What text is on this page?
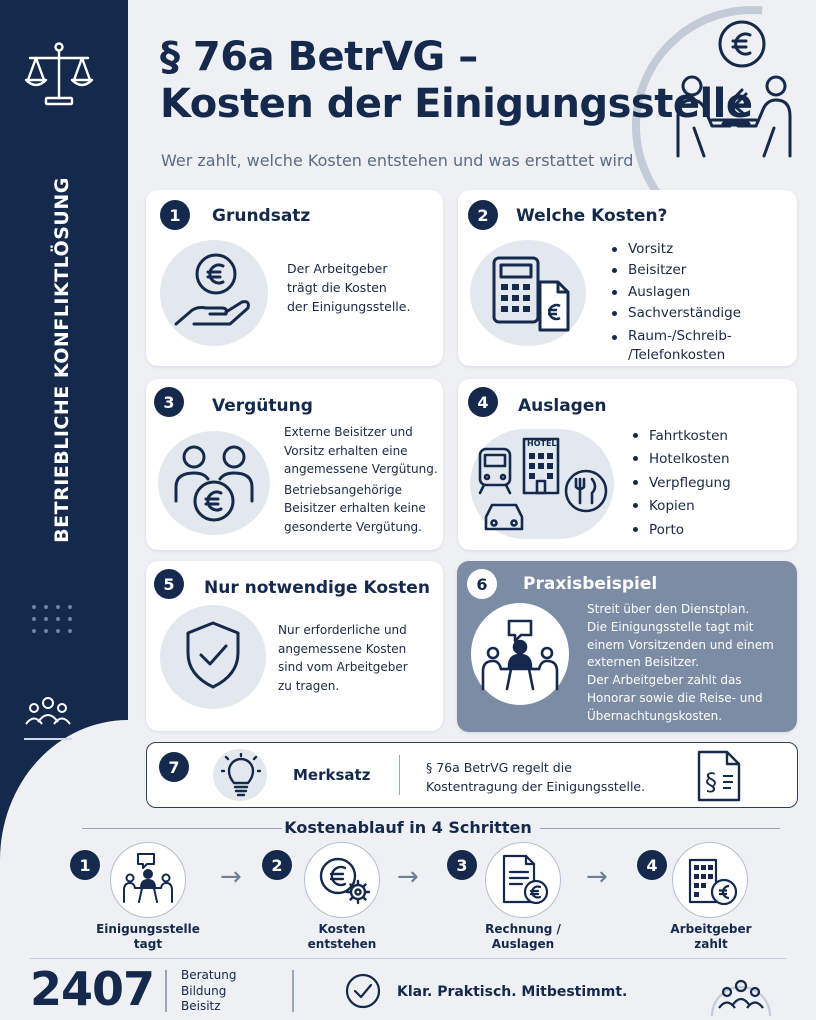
BETRIEBLICHE KONFLIKTLÖSUNG
§ 76a BetrVG –
Kosten der Einigungsstelle
Wer zahlt, welche Kosten entstehen und was erstattet wird
1	Grundsatz
Der Arbeitgeber
trägt die Kosten
der Einigungsstelle.
2	Welche Kosten?
Vorsitz
Beisitzer
Auslagen
Sachverständige
Raum-/Schreib-
/Telefonkosten
3	Vergütung
Externe Beisitzer und
Vorsitz erhalten eine
angemessene Vergütung.
Betriebsangehörige
Beisitzer erhalten keine
gesonderte Vergütung.
4	Auslagen
HOTEL	Fahrtkosten
Hotelkosten
Verpflegung
Kopien
Porto
5	Nur notwendige Kosten
Nur erforderliche und
angemessene Kosten
sind vom Arbeitgeber
zu tragen.
6	Praxisbeispiel
Streit über den Dienstplan.
Die Einigungsstelle tagt mit
einem Vorsitzenden und einem
externen Beisitzer.
Der Arbeitgeber zahlt das
Honorar sowie die Reise- und
Übernachtungskosten.
7	Merksatz	§ 76a BetrVG regelt die
Kostentragung der Einigungsstelle. §
Kostenablauf in 4 Schritten
1
Einigungsstelle
tagt
→	2
Kosten
entstehen
→	3
Rechnung /
Auslagen
→	4
Arbeitgeber
zahlt
2407 Beratung
Bildung
Beisitz
Klar. Praktisch. Mitbestimmt.
